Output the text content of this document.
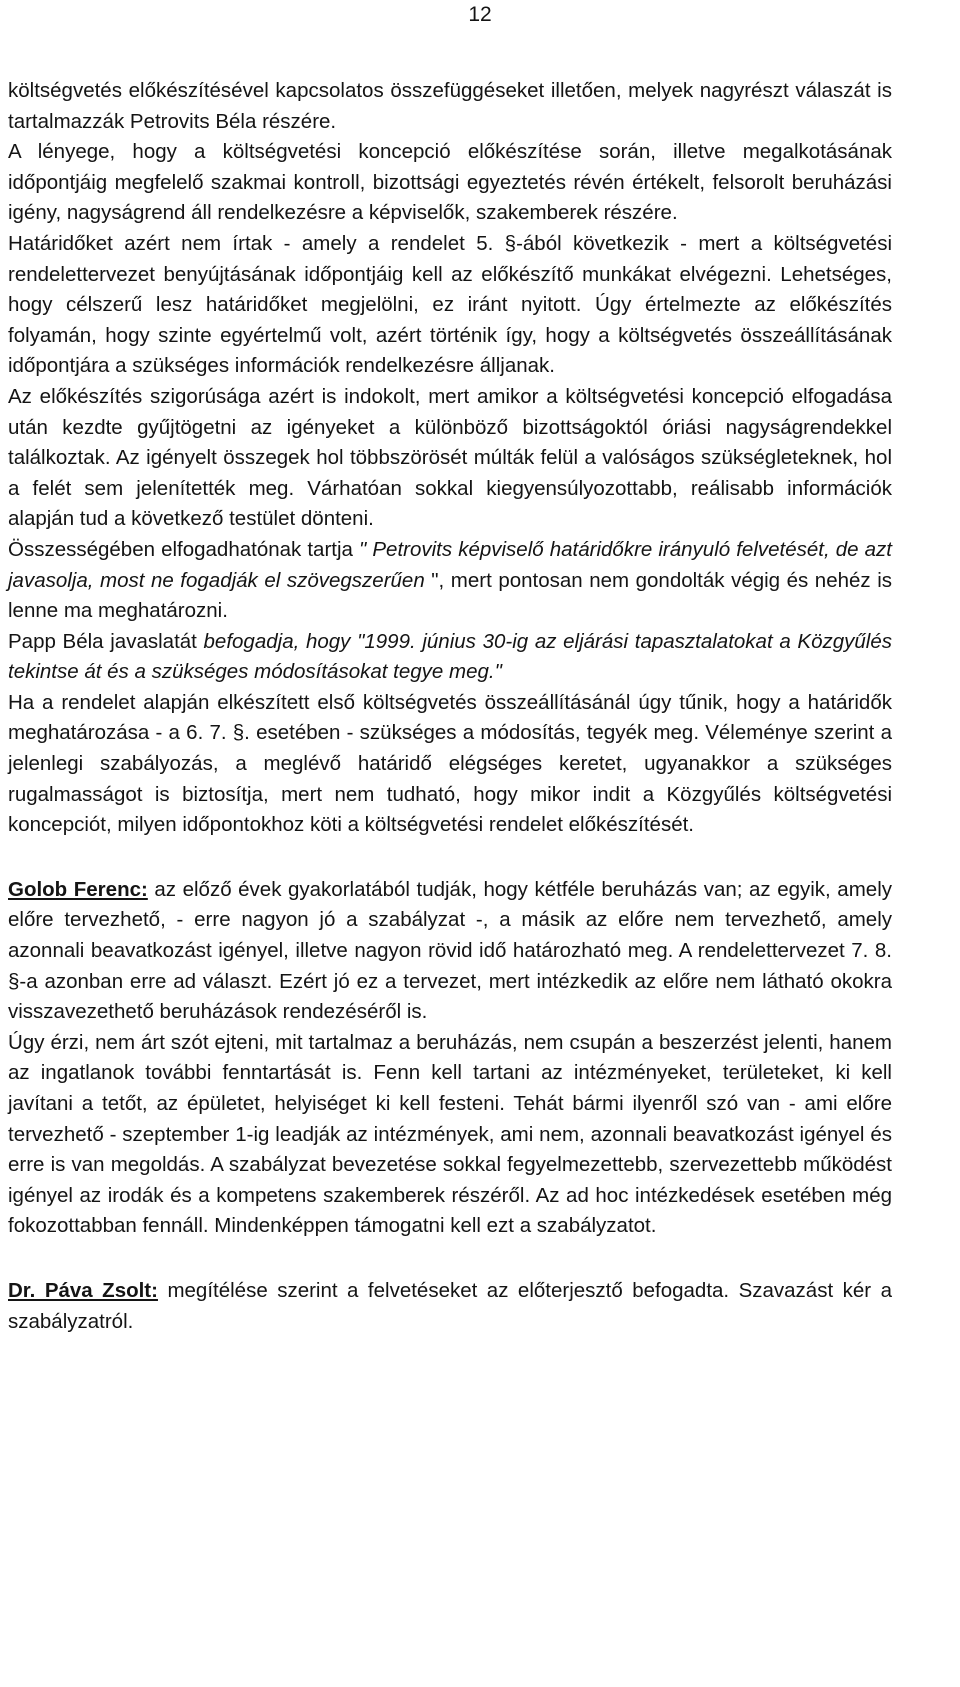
12

költségvetés előkészítésével kapcsolatos összefüggéseket illetően, melyek nagyrészt válaszát is tartalmazzák Petrovits Béla részére.

A lényege, hogy a költségvetési koncepció előkészítése során, illetve megalkotásának időpontjáig megfelelő szakmai kontroll, bizottsági egyeztetés révén értékelt, felsorolt beruházási igény, nagyságrend áll rendelkezésre a képviselők, szakemberek részére.

Határidőket azért nem írtak - amely a rendelet 5. §-ából következik - mert a költségvetési rendelettervezet benyújtásának időpontjáig kell az előkészítő munkákat elvégezni. Lehetséges, hogy célszerű lesz határidőket megjelölni, ez iránt nyitott. Úgy értelmezte az előkészítés folyamán, hogy szinte egyértelmű volt, azért történik így, hogy a költségvetés összeállításának időpontjára a szükséges információk rendelkezésre álljanak.

Az előkészítés szigorúsága azért is indokolt, mert amikor a költségvetési koncepció elfogadása után kezdte gyűjtögetni az igényeket a különböző bizottságoktól óriási nagyságrendekkel találkoztak. Az igényelt összegek hol többszörösét múlták felül a valóságos szükségleteknek, hol a felét sem jelenítették meg. Várhatóan sokkal kiegyensúlyozottabb, reálisabb információk alapján tud a következő testület dönteni.

Összességében elfogadhatónak tartja " Petrovits képviselő határidőkre irányuló felvetését, de azt javasolja, most ne fogadják el szövegszerűen ", mert pontosan nem gondolták végig és nehéz is lenne ma meghatározni.

Papp Béla javaslatát befogadja, hogy "1999. június 30-ig az eljárási tapasztalatokat a Közgyűlés tekintse át és a szükséges módosításokat tegye meg."

Ha a rendelet alapján elkészített első költségvetés összeállításánál úgy tűnik, hogy a határidők meghatározása - a 6. 7. §. esetében - szükséges a módosítás, tegyék meg. Véleménye szerint a jelenlegi szabályozás, a meglévő határidő elégséges keretet, ugyanakkor a szükséges rugalmasságot is biztosítja, mert nem tudható, hogy mikor indit a Közgyűlés költségvetési koncepciót, milyen időpontokhoz köti a költségvetési rendelet előkészítését.

Golob Ferenc: az előző évek gyakorlatából tudják, hogy kétféle beruházás van; az egyik, amely előre tervezhető, - erre nagyon jó a szabályzat -, a másik az előre nem tervezhető, amely azonnali beavatkozást igényel, illetve nagyon rövid idő határozható meg. A rendelettervezet 7. 8. §-a azonban erre ad választ. Ezért jó ez a tervezet, mert intézkedik az előre nem látható okokra visszavezethető beruházások rendezéséről is.

Úgy érzi, nem árt szót ejteni, mit tartalmaz a beruházás, nem csupán a beszerzést jelenti, hanem az ingatlanok további fenntartását is. Fenn kell tartani az intézményeket, területeket, ki kell javítani a tetőt, az épületet, helyiséget ki kell festeni. Tehát bármi ilyenről szó van - ami előre tervezhető - szeptember 1-ig leadják az intézmények, ami nem, azonnali beavatkozást igényel és erre is van megoldás. A szabályzat bevezetése sokkal fegyelmezettebb, szervezettebb működést igényel az irodák és a kompetens szakemberek részéről. Az ad hoc intézkedések esetében még fokozottabban fennáll. Mindenképpen támogatni kell ezt a szabályzatot.

Dr. Páva Zsolt: megítélése szerint a felvetéseket az előterjesztő befogadta. Szavazást kér a szabályzatról.
